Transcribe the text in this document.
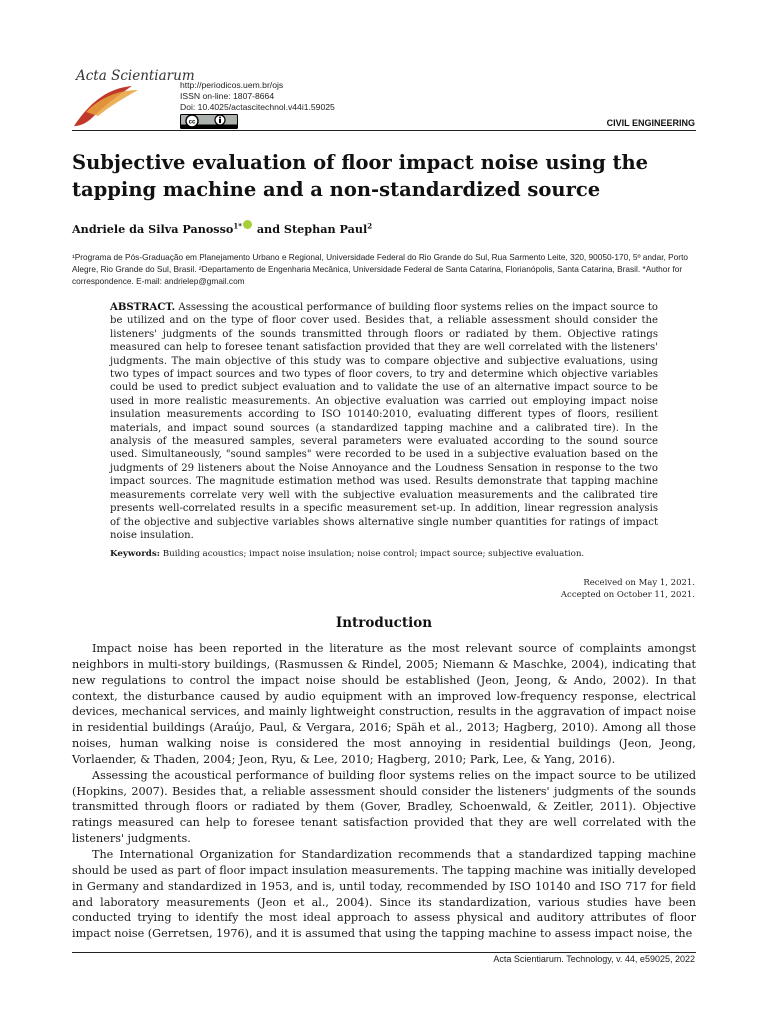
Acta Scientiarum
http://periodicos.uem.br/ojs
ISSN on-line: 1807-8664
Doi: 10.4025/actascitechnol.v44i1.59025
cc	CIVIL ENGINEERING
Subjective evaluation of floor impact noise using the tapping machine and a non-standardized source
Andriele da Silva Panosso$^{1*}$ and Stephan Paul$^2$
¹Programa de Pós-Graduação em Planejamento Urbano e Regional, Universidade Federal do Rio Grande do Sul, Rua Sarmento Leite, 320, 90050-170, 5º andar, Porto Alegre, Rio Grande do Sul, Brasil. ²Departamento de Engenharia Mecânica, Universidade Federal de Santa Catarina, Florianópolis, Santa Catarina, Brasil. *Author for correspondence. E-mail: andrielep@gmail.com
ABSTRACT. Assessing the acoustical performance of building floor systems relies on the impact source to be utilized and on the type of floor cover used. Besides that, a reliable assessment should consider the listeners' judgments of the sounds transmitted through floors or radiated by them. Objective ratings measured can help to foresee tenant satisfaction provided that they are well correlated with the listeners' judgments. The main objective of this study was to compare objective and subjective evaluations, using two types of impact sources and two types of floor covers, to try and determine which objective variables could be used to predict subject evaluation and to validate the use of an alternative impact source to be used in more realistic measurements. An objective evaluation was carried out employing impact noise insulation measurements according to ISO 10140:2010, evaluating different types of floors, resilient materials, and impact sound sources (a standardized tapping machine and a calibrated tire). In the analysis of the measured samples, several parameters were evaluated according to the sound source used. Simultaneously, "sound samples" were recorded to be used in a subjective evaluation based on the judgments of 29 listeners about the Noise Annoyance and the Loudness Sensation in response to the two impact sources. The magnitude estimation method was used. Results demonstrate that tapping machine measurements correlate very well with the subjective evaluation measurements and the calibrated tire presents well-correlated results in a specific measurement set-up. In addition, linear regression analysis of the objective and subjective variables shows alternative single number quantities for ratings of impact noise insulation.
Keywords: Building acoustics; impact noise insulation; noise control; impact source; subjective evaluation.
Received on May 1, 2021.
Accepted on October 11, 2021.
Introduction

Impact noise has been reported in the literature as the most relevant source of complaints amongst neighbors in multi-story buildings, (Rasmussen & Rindel, 2005; Niemann & Maschke, 2004), indicating that new regulations to control the impact noise should be established (Jeon, Jeong, & Ando, 2002). In that context, the disturbance caused by audio equipment with an improved low-frequency response, electrical devices, mechanical services, and mainly lightweight construction, results in the aggravation of impact noise in residential buildings (Araújo, Paul, & Vergara, 2016; Späh et al., 2013; Hagberg, 2010). Among all those noises, human walking noise is considered the most annoying in residential buildings (Jeon, Jeong, Vorlaender, & Thaden, 2004; Jeon, Ryu, & Lee, 2010; Hagberg, 2010; Park, Lee, & Yang, 2016).

Assessing the acoustical performance of building floor systems relies on the impact source to be utilized (Hopkins, 2007). Besides that, a reliable assessment should consider the listeners' judgments of the sounds transmitted through floors or radiated by them (Gover, Bradley, Schoenwald, & Zeitler, 2011). Objective ratings measured can help to foresee tenant satisfaction provided that they are well correlated with the listeners' judgments.

The International Organization for Standardization recommends that a standardized tapping machine should be used as part of floor impact insulation measurements. The tapping machine was initially developed in Germany and standardized in 1953, and is, until today, recommended by ISO 10140 and ISO 717 for field and laboratory measurements (Jeon et al., 2004). Since its standardization, various studies have been conducted trying to identify the most ideal approach to assess physical and auditory attributes of floor impact noise (Gerretsen, 1976), and it is assumed that using the tapping machine to assess impact noise, the

Acta Scientiarum. Technology, v. 44, e59025, 2022
